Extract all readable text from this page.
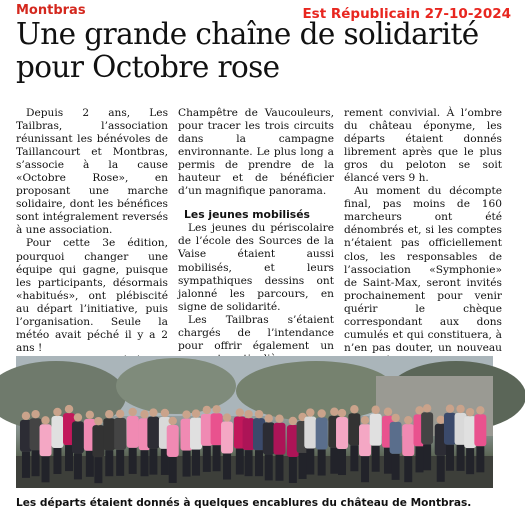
Montbras	Est Républicain 27-10-2024
Une grande chaîne de solidarité
pour Octobre rose

Depuis 2 ans, Les Tailbras, l’association réunissant les bénévoles de Taillancourt et Montbras, s’associe à la cause «Octobre Rose», en proposant une marche solidaire, dont les bénéfices sont intégralement reversés à une association.

Pour cette 3e édition, pourquoi changer une équipe qui gagne, puisque les participants, désormais «habitués», ont plébiscité au départ l’initiative, puis l’organisation. Seule la météo avait péché il y a 2 ans !

Champêtre de Vaucouleurs, pour tracer les trois circuits dans la campagne environnante. Le plus long a permis de prendre de la hauteur et de bénéficier d’un magnifique panorama.

Les jeunes mobilisés

Les jeunes du périscolaire de l’école des Sources de la Vaise étaient aussi mobilisés, et leurs sympathiques dessins ont jalonné les parcours, en signe de solidarité.

Les Tailbras s’étaient chargés de l’intendance pour offrir également un

rement convivial. À l’ombre du château éponyme, les départs étaient donnés librement après que le plus gros du peloton se soit élancé vers 9 h.

Au moment du décompte final, pas moins de 160 marcheurs ont été dénombrés et, si les comptes n’étaient pas officiellement clos, les responsables de l’association «Symphonie» de Saint-Max, seront invités prochainement pour venir quérir le chèque correspondant aux dons cumulés et qui constituera, à n’en pas douter, un nouveau

Les départs étaient donnés à quelques encablures du château de Montbras.
